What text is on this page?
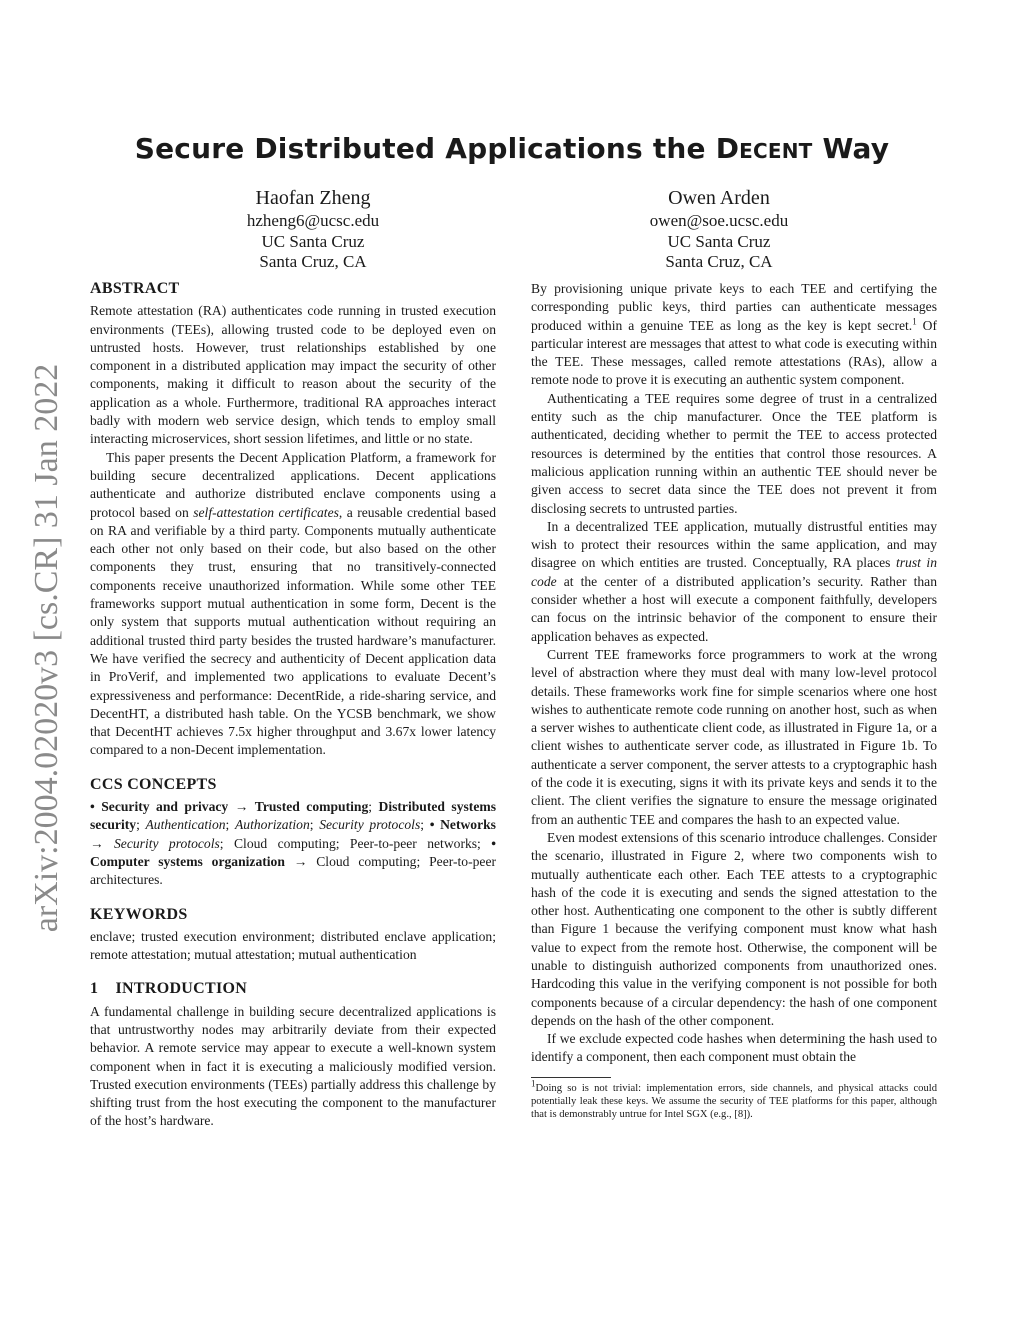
arXiv:2004.02020v3 [cs.CR] 31 Jan 2022
Secure Distributed Applications the Decent Way
Haofan Zheng
hzheng6@ucsc.edu
UC Santa Cruz
Santa Cruz, CA
Owen Arden
owen@soe.ucsc.edu
UC Santa Cruz
Santa Cruz, CA
ABSTRACT

Remote attestation (RA) authenticates code running in trusted execution environments (TEEs), allowing trusted code to be deployed even on untrusted hosts. However, trust relationships established by one component in a distributed application may impact the security of other components, making it difficult to reason about the security of the application as a whole. Furthermore, traditional RA approaches interact badly with modern web service design, which tends to employ small interacting microservices, short session lifetimes, and little or no state.

This paper presents the Decent Application Platform, a framework for building secure decentralized applications. Decent applications authenticate and authorize distributed enclave components using a protocol based on self-attestation certificates, a reusable credential based on RA and verifiable by a third party. Components mutually authenticate each other not only based on their code, but also based on the other components they trust, ensuring that no transitively-connected components receive unauthorized information. While some other TEE frameworks support mutual authentication in some form, Decent is the only system that supports mutual authentication without requiring an additional trusted third party besides the trusted hardware’s manufacturer. We have verified the secrecy and authenticity of Decent application data in ProVerif, and implemented two applications to evaluate Decent’s expressiveness and performance: DecentRide, a ride-sharing service, and DecentHT, a distributed hash table. On the YCSB benchmark, we show that DecentHT achieves 7.5x higher throughput and 3.67x lower latency compared to a non-Decent implementation.

CCS CONCEPTS

• Security and privacy → Trusted computing; Distributed systems security; Authentication; Authorization; Security protocols; • Networks → Security protocols; Cloud computing; Peer-to-peer networks; • Computer systems organization → Cloud computing; Peer-to-peer architectures.

KEYWORDS

enclave; trusted execution environment; distributed enclave application; remote attestation; mutual attestation; mutual authentication

1    INTRODUCTION

A fundamental challenge in building secure decentralized applications is that untrustworthy nodes may arbitrarily deviate from their expected behavior. A remote service may appear to execute a well-known system component when in fact it is executing a maliciously modified version. Trusted execution environments (TEEs) partially address this challenge by shifting trust from the host executing the component to the manufacturer of the host’s hardware.

By provisioning unique private keys to each TEE and certifying the corresponding public keys, third parties can authenticate messages produced within a genuine TEE as long as the key is kept secret.$^1$ Of particular interest are messages that attest to what code is executing within the TEE. These messages, called remote attestations (RAs), allow a remote node to prove it is executing an authentic system component.

Authenticating a TEE requires some degree of trust in a centralized entity such as the chip manufacturer. Once the TEE platform is authenticated, deciding whether to permit the TEE to access protected resources is determined by the entities that control those resources. A malicious application running within an authentic TEE should never be given access to secret data since the TEE does not prevent it from disclosing secrets to untrusted parties.

In a decentralized TEE application, mutually distrustful entities may wish to protect their resources within the same application, and may disagree on which entities are trusted. Conceptually, RA places trust in code at the center of a distributed application’s security. Rather than consider whether a host will execute a component faithfully, developers can focus on the intrinsic behavior of the component to ensure their application behaves as expected.

Current TEE frameworks force programmers to work at the wrong level of abstraction where they must deal with many low-level protocol details. These frameworks work fine for simple scenarios where one host wishes to authenticate remote code running on another host, such as when a server wishes to authenticate client code, as illustrated in Figure 1a, or a client wishes to authenticate server code, as illustrated in Figure 1b. To authenticate a server component, the server attests to a cryptographic hash of the code it is executing, signs it with its private keys and sends it to the client. The client verifies the signature to ensure the message originated from an authentic TEE and compares the hash to an expected value.

Even modest extensions of this scenario introduce challenges. Consider the scenario, illustrated in Figure 2, where two components wish to mutually authenticate each other. Each TEE attests to a cryptographic hash of the code it is executing and sends the signed attestation to the other host. Authenticating one component to the other is subtly different than Figure 1 because the verifying component must know what hash value to expect from the remote host. Otherwise, the component will be unable to distinguish authorized components from unauthorized ones. Hardcoding this value in the verifying component is not possible for both components because of a circular dependency: the hash of one component depends on the hash of the other component.

If we exclude expected code hashes when determining the hash used to identify a component, then each component must obtain the

$^1$Doing so is not trivial: implementation errors, side channels, and physical attacks could potentially leak these keys. We assume the security of TEE platforms for this paper, although that is demonstrably untrue for Intel SGX (e.g., [8]).
